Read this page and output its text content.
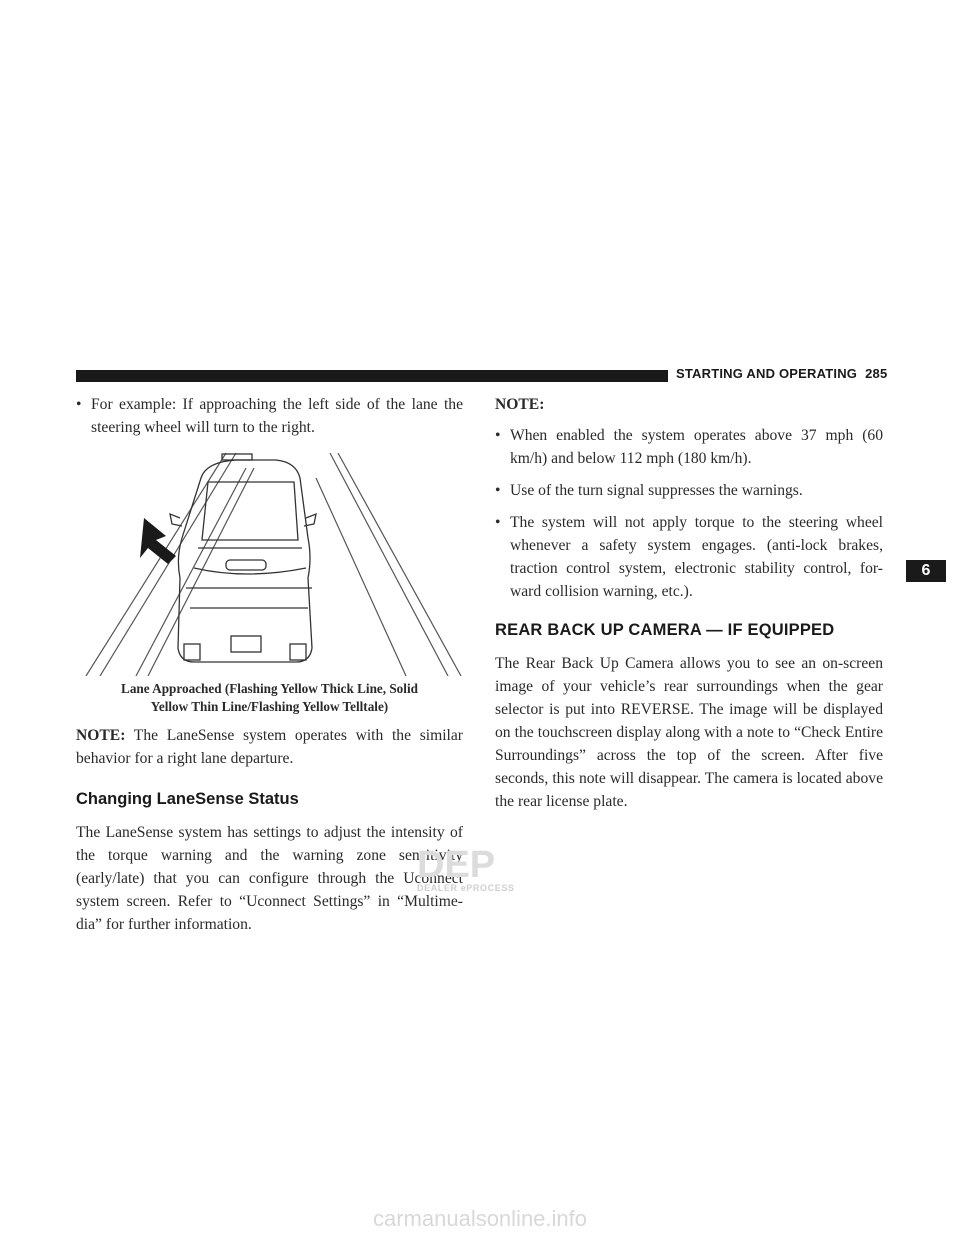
STARTING AND OPERATING 285
• For example: If approaching the left side of the lane the steering wheel will turn to the right.
Lane Approached (Flashing Yellow Thick Line, Solid
Yellow Thin Line/Flashing Yellow Telltale)
NOTE: The LaneSense system operates with the similar behavior for a right lane departure.
Changing LaneSense Status
The LaneSense system has settings to adjust the intensity of the torque warning and the warning zone sensitivity (early/late) that you can configure through the Uconnect system screen. Refer to “Uconnect Settings” in “Multime-dia” for further information.
NOTE:
• When enabled the system operates above 37 mph (60 km/h) and below 112 mph (180 km/h).
• Use of the turn signal suppresses the warnings.
• The system will not apply torque to the steering wheel whenever a safety system engages. (anti-lock brakes, traction control system, electronic stability control, for-ward collision warning, etc.).
REAR BACK UP CAMERA — IF EQUIPPED
The Rear Back Up Camera allows you to see an on-screen image of your vehicle’s rear surroundings when the gear selector is put into REVERSE. The image will be displayed on the touchscreen display along with a note to “Check Entire Surroundings” across the top of the screen. After five seconds, this note will disappear. The camera is located above the rear license plate.
6
DEP
DEALER ePROCESS
carmanualsonline.info
